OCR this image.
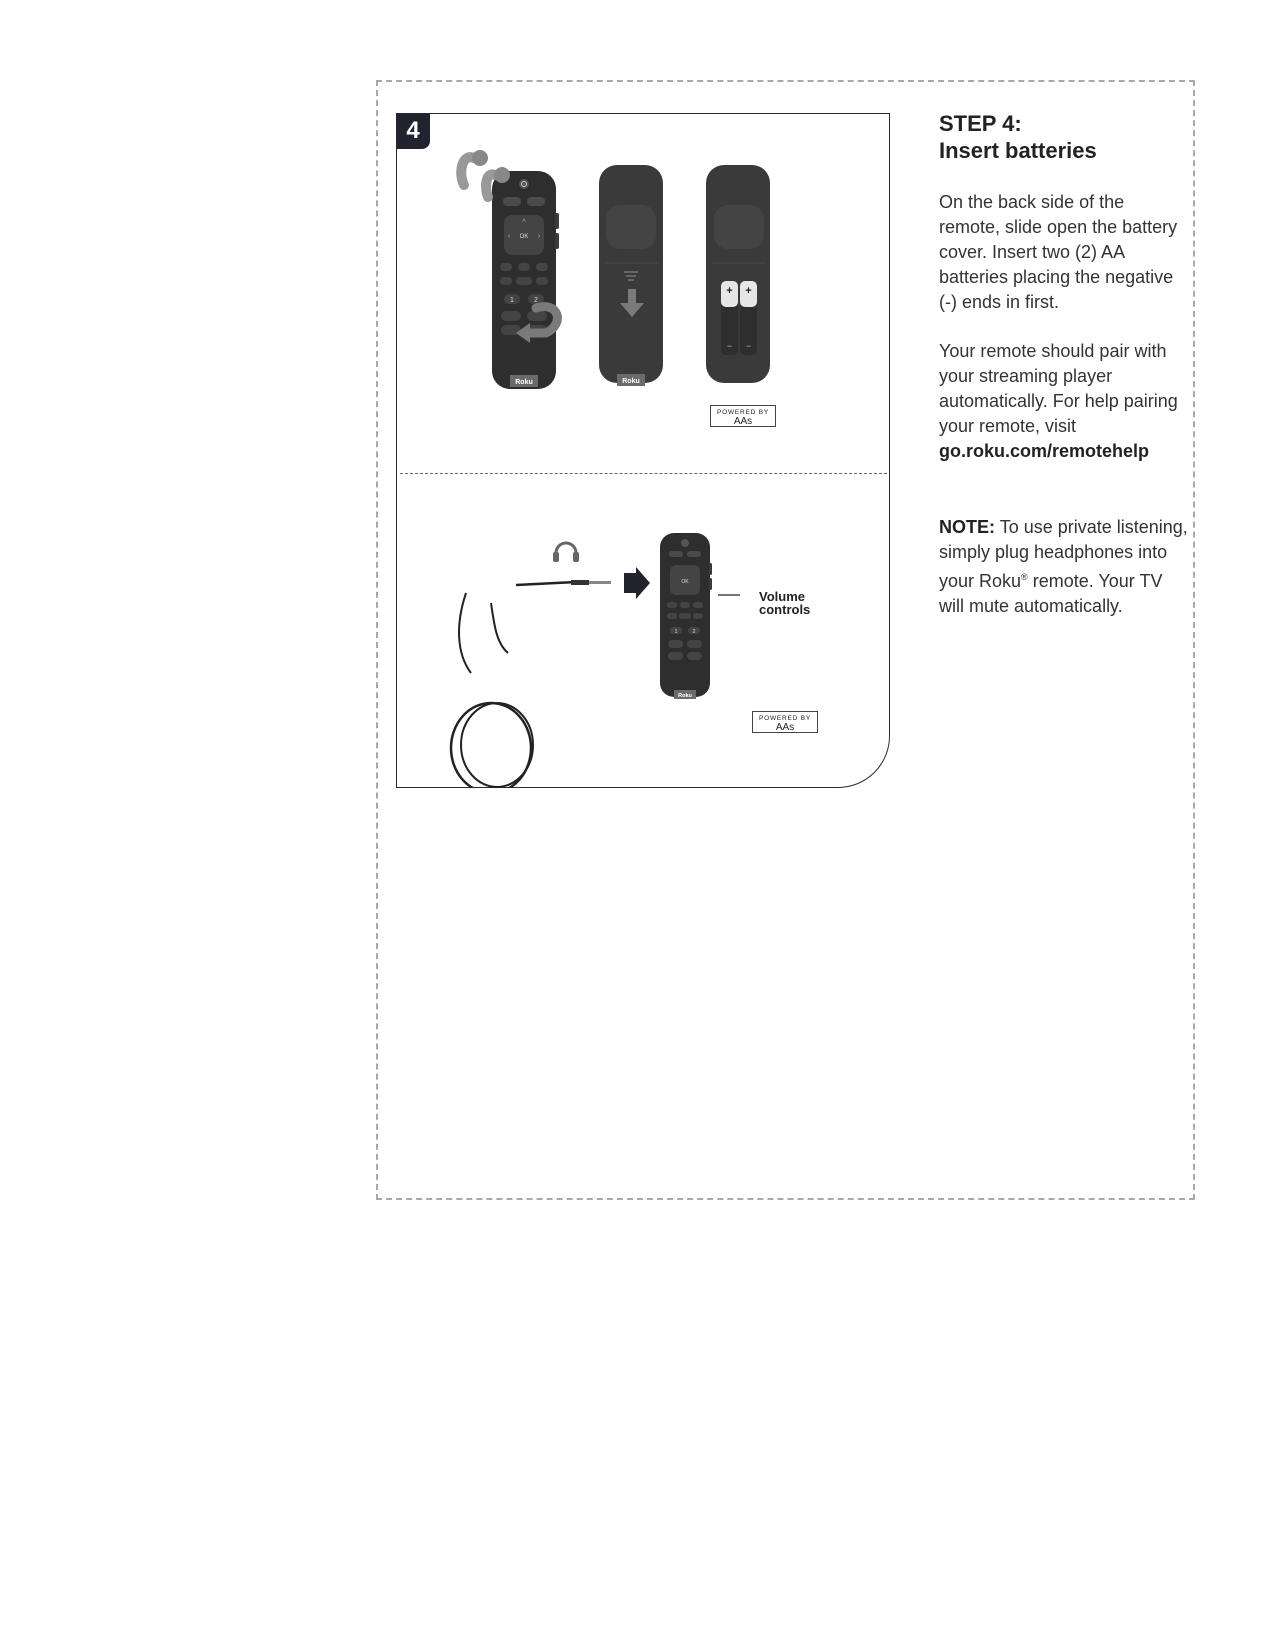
4
OK
^
‹	›
1	2
Roku	Roku
+ +
− −
OK
1	2
Roku
POWERED BY
AAs
POWERED BY
AAs
Volume
controls
STEP 4:
Insert batteries

On the back side of the remote, slide open the battery cover. Insert two (2) AA batteries placing the negative (-) ends in first.

Your remote should pair with your streaming player automatically. For help pairing your remote, visit go.roku.com/remotehelp

NOTE: To use private listening, simply plug headphones into your Roku® remote. Your TV will mute automatically.
